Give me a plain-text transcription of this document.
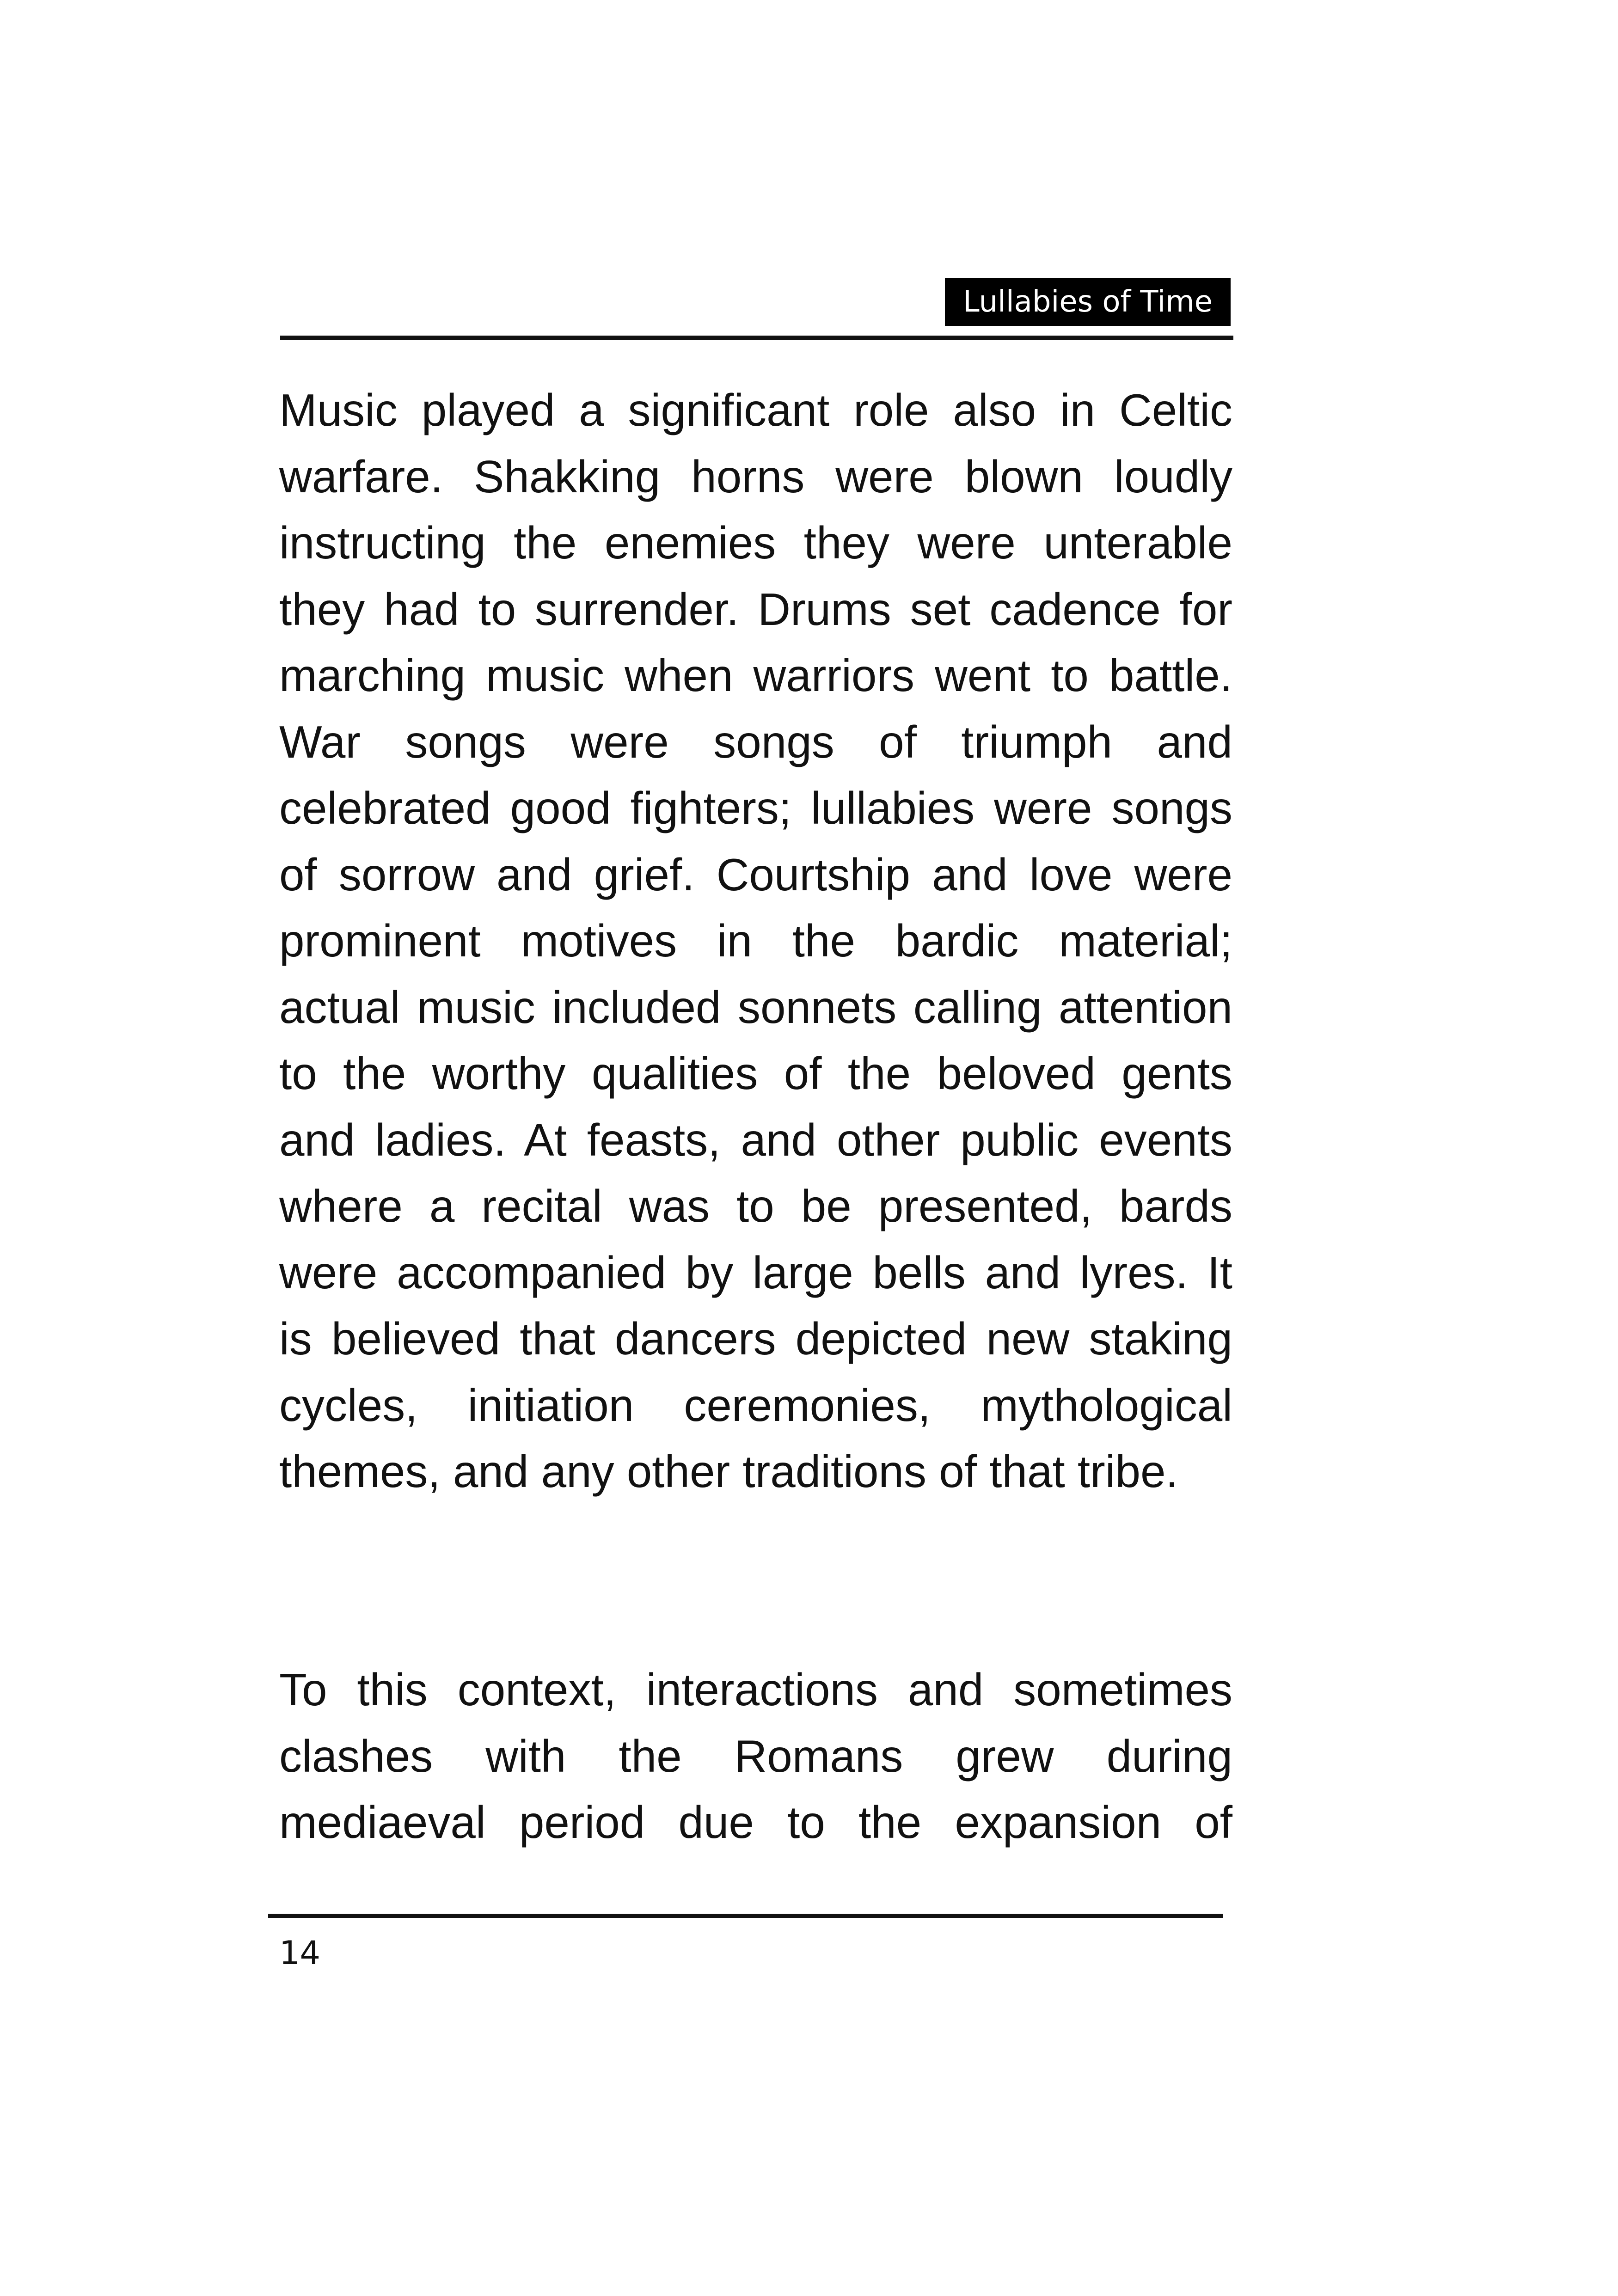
Lullabies of Time
Music played a significant role also in Celtic
warfare. Shakking horns were blown loudly
instructing the enemies they were unterable
they had to surrender. Drums set cadence for
marching music when warriors went to battle.
War songs were songs of triumph and
celebrated good fighters; lullabies were songs
of sorrow and grief. Courtship and love were
prominent motives in the bardic material;
actual music included sonnets calling attention
to the worthy qualities of the beloved gents
and ladies. At feasts, and other public events
where a recital was to be presented, bards
were accompanied by large bells and lyres. It
is believed that dancers depicted new staking
cycles, initiation ceremonies, mythological
themes, and any other traditions of that tribe.
To this context, interactions and sometimes
clashes with the Romans grew during
mediaeval period due to the expansion of
14
